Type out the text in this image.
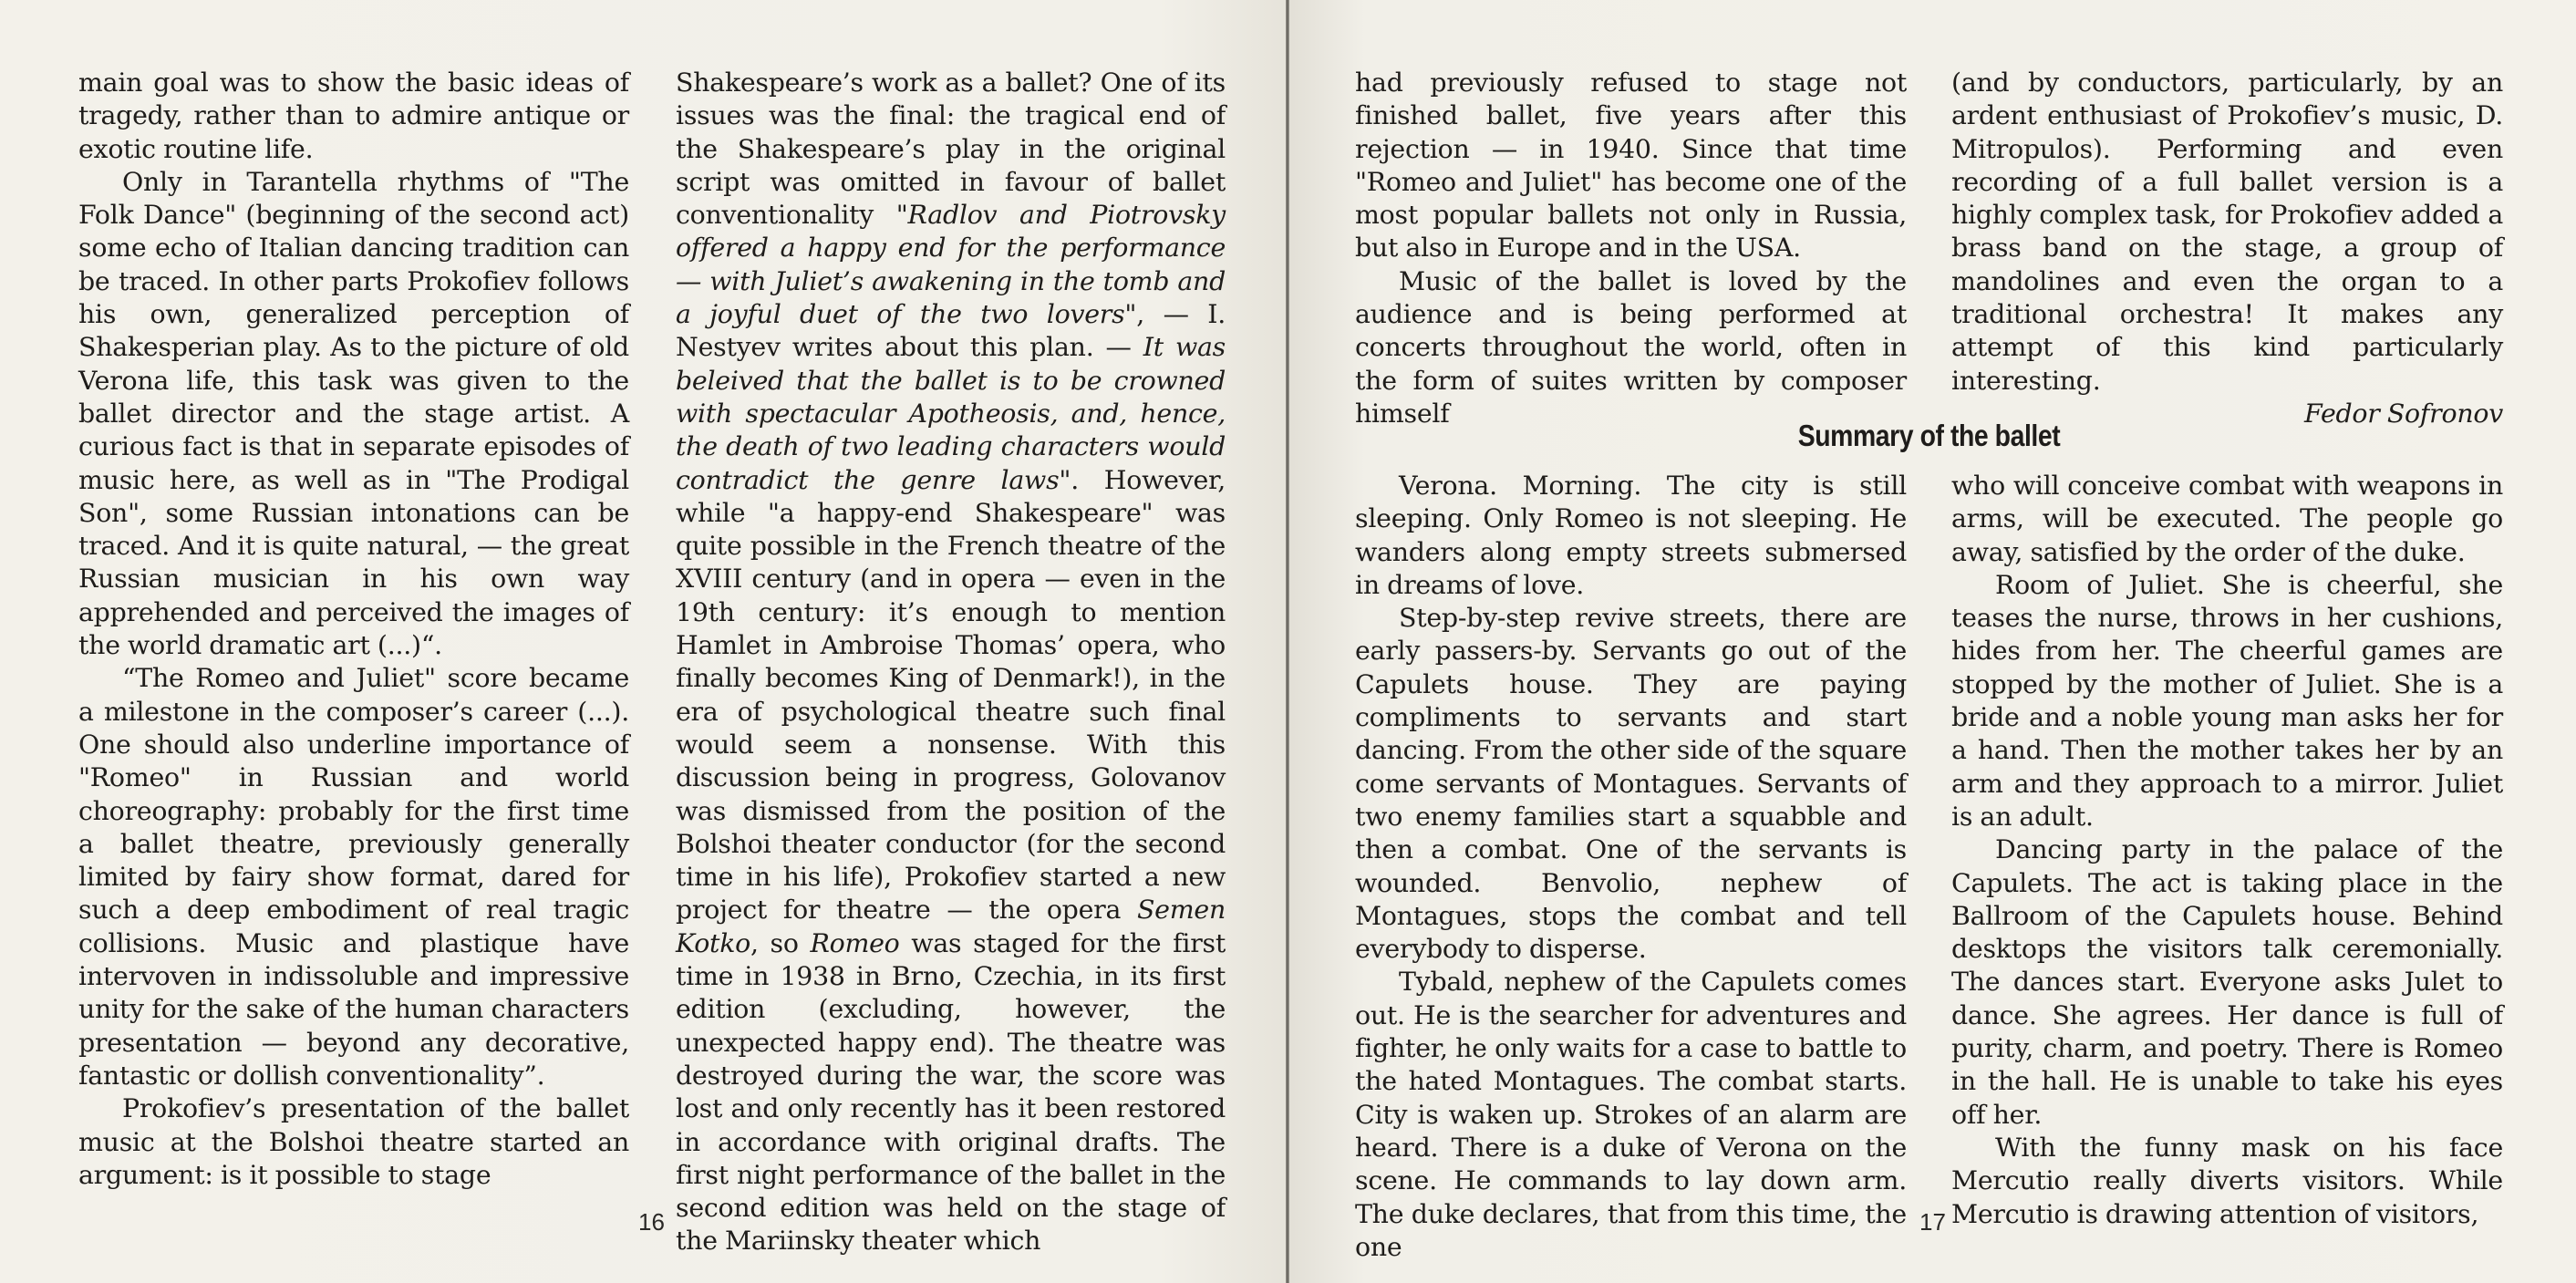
main goal was to show the basic ideas of tragedy, rather than to admire antique or exotic routine life.

Only in Tarantella rhythms of "The Folk Dance" (beginning of the second act) some echo of Italian dancing tradition can be traced. In other parts Prokofiev follows his own, generalized perception of Shakesperian play. As to the picture of old Verona life, this task was given to the ballet director and the stage artist. A curious fact is that in separate episodes of music here, as well as in "The Prodigal Son", some Russian intonations can be traced. And it is quite natural, — the great Russian musician in his own way apprehended and perceived the images of the world dramatic art (...)“.

“The Romeo and Juliet" score became a milestone in the composer’s career (...). One should also underline importance of "Romeo" in Russian and world choreography: probably for the first time a ballet theatre, previously generally limited by fairy show format, dared for such a deep embodiment of real tragic collisions. Music and plastique have intervoven in indissoluble and impressive unity for the sake of the human characters presentation — beyond any decorative, fantastic or dollish conventionality”.

Prokofiev’s presentation of the ballet music at the Bolshoi theatre started an argument: is it possible to stage

Shakespeare’s work as a ballet? One of its issues was the final: the tragical end of the Shakespeare’s play in the original script was omitted in favour of ballet conventionality "Radlov and Piotrovsky offered a happy end for the performance — with Juliet’s awakening in the tomb and a joyful duet of the two lovers", — I. Nestyev writes about this plan. — It was beleived that the ballet is to be crowned with spectacular Apotheosis, and, hence, the death of two leading characters would contradict the genre laws". However, while "a happy-end Shakespeare" was quite possible in the French theatre of the XVIII century (and in opera — even in the 19th century: it’s enough to mention Hamlet in Ambroise Thomas’ opera, who finally becomes King of Denmark!), in the era of psychological theatre such final would seem a nonsense. With this discussion being in progress, Golovanov was dismissed from the position of the Bolshoi theater conductor (for the second time in his life), Prokofiev started a new project for theatre — the opera Semen Kotko, so Romeo was staged for the first time in 1938 in Brno, Czechia, in its first edition (excluding, however, the unexpected happy end). The theatre was destroyed during the war, the score was lost and only recently has it been restored in accordance with original drafts. The first night performance of the ballet in the second edition was held on the stage of the Mariinsky theater which

16

had previously refused to stage not finished ballet, five years after this rejection — in 1940. Since that time "Romeo and Juliet" has become one of the most popular ballets not only in Russia, but also in Europe and in the USA.

Music of the ballet is loved by the audience and is being performed at concerts throughout the world, often in the form of suites written by composer himself

(and by conductors, particularly, by an ardent enthusiast of Prokofiev’s music, D. Mitropulos). Performing and even recording of a full ballet version is a highly complex task, for Prokofiev added a brass band on the stage, a group of mandolines and even the organ to a traditional orchestra! It makes any attempt of this kind particularly interesting.

Fedor Sofronov

Summary of the ballet

Verona. Morning. The city is still sleeping. Only Romeo is not sleeping. He wanders along empty streets submersed in dreams of love.

Step-by-step revive streets, there are early passers-by. Servants go out of the Capulets house. They are paying compliments to servants and start dancing. From the other side of the square come servants of Montagues. Servants of two enemy families start a squabble and then a combat. One of the servants is wounded. Benvolio, nephew of Montagues, stops the combat and tell everybody to disperse.

Tybald, nephew of the Capulets comes out. He is the searcher for adventures and fighter, he only waits for a case to battle to the hated Montagues. The combat starts. City is waken up. Strokes of an alarm are heard. There is a duke of Verona on the scene. He commands to lay down arm. The duke declares, that from this time, the one

who will conceive combat with weapons in arms, will be executed. The people go away, satisfied by the order of the duke.

Room of Juliet. She is cheerful, she teases the nurse, throws in her cushions, hides from her. The cheerful games are stopped by the mother of Juliet. She is a bride and a noble young man asks her for a hand. Then the mother takes her by an arm and they approach to a mirror. Juliet is an adult.

Dancing party in the palace of the Capulets. The act is taking place in the Ballroom of the Capulets house. Behind desktops the visitors talk ceremonially. The dances start. Everyone asks Julet to dance. She agrees. Her dance is full of purity, charm, and poetry. There is Romeo in the hall. He is unable to take his eyes off her.

With the funny mask on his face Mercutio really diverts visitors. While Mercutio is drawing attention of visitors,

17
